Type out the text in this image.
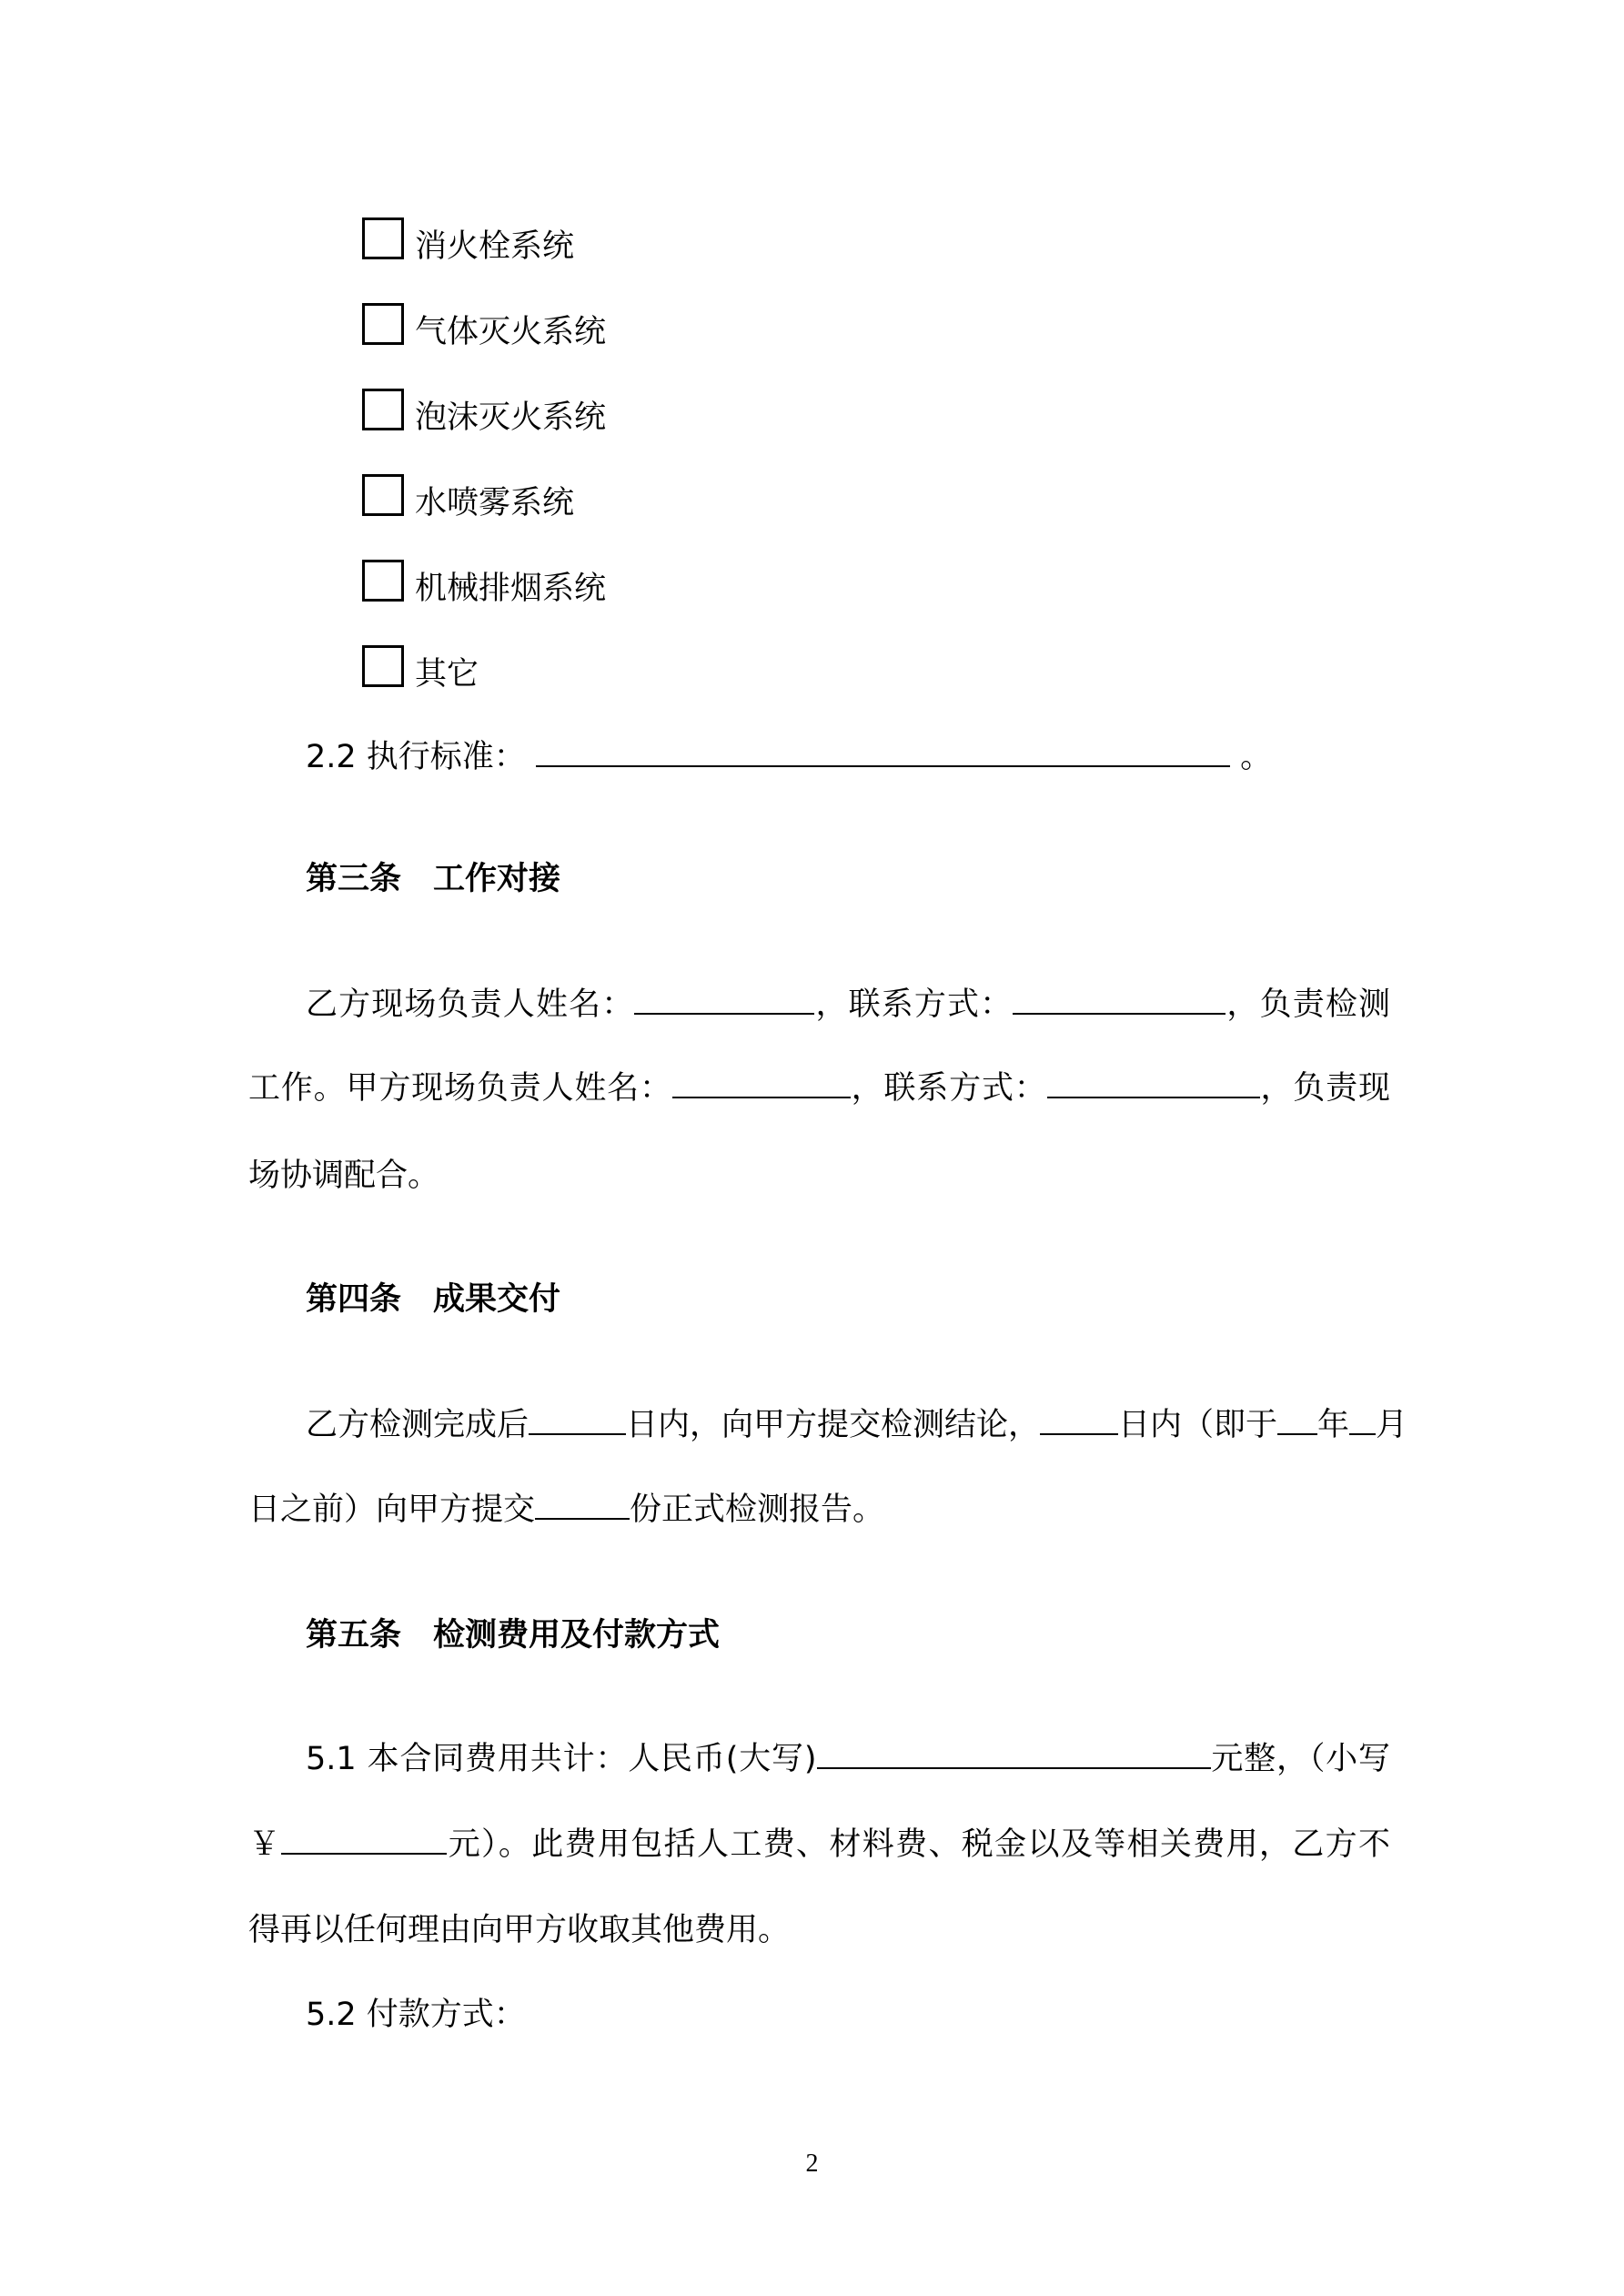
消火栓系统
气体灭火系统
泡沫灭火系统
水喷雾系统
机械排烟系统
其它
2.2 执行标准：	。
第三条　工作对接
乙方现场负责人姓名：	，联系方式：	，负责检测
工作。甲方现场负责人姓名：	，联系方式：	，负责现
场协调配合。
第四条　成果交付
乙方检测完成后	日内，向甲方提交检测结论， 日内（即于 年 月
日之前）向甲方提交	份正式检测报告。
第五条　检测费用及付款方式
5.1 本合同费用共计：人民币(大写)	元整，（小写
￥	元）。此费用包括人工费、材料费、税金以及等相关费用，乙方不
得再以任何理由向甲方收取其他费用。
5.2 付款方式：
2
